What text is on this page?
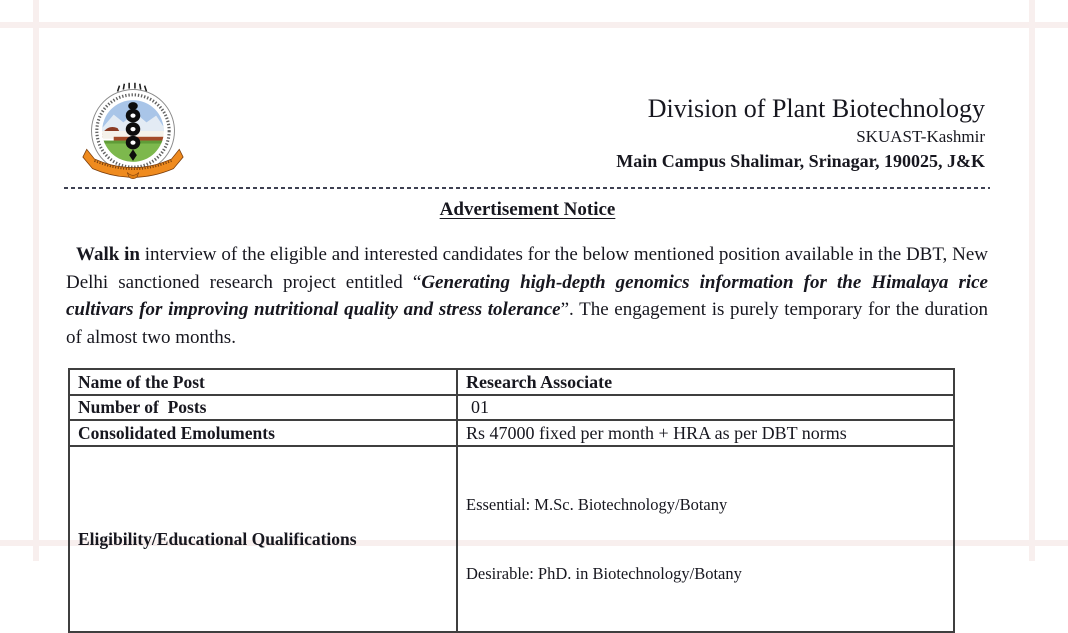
Division of Plant Biotechnology
SKUAST-Kashmir
Main Campus Shalimar, Srinagar, 190025, J&K
Advertisement Notice
Walk in interview of the eligible and interested candidates for the below mentioned position available in the DBT, New Delhi sanctioned research project entitled “Generating high-depth genomics information for the Himalaya rice cultivars for improving nutritional quality and stress tolerance”. The engagement is purely temporary for the duration of almost two months.
Name of the Post	Research Associate
Number of  Posts	01
Consolidated Emoluments	Rs 47000 fixed per month + HRA as per DBT norms
Eligibility/Educational Qualifications	Essential: M.Sc. Biotechnology/Botany

Desirable: PhD. in Biotechnology/Botany
